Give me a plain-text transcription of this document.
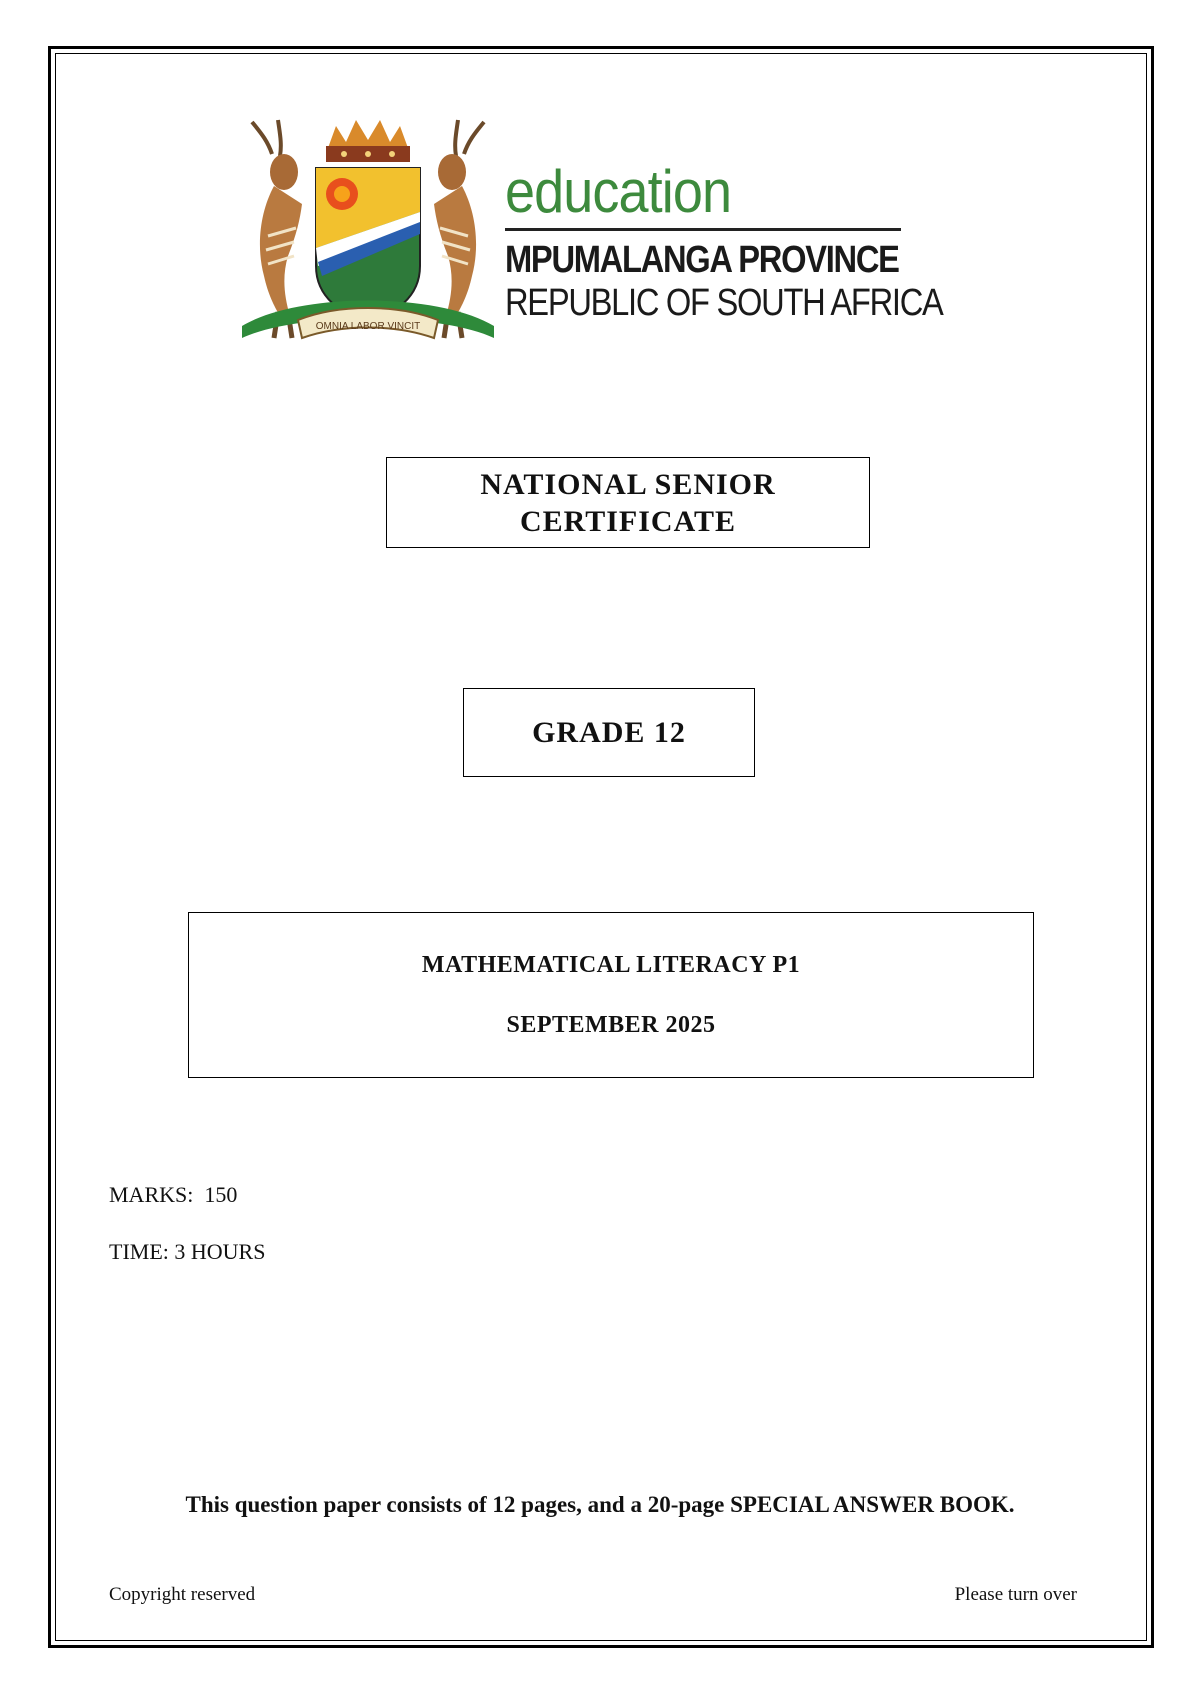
OMNIA LABOR VINCIT
education
MPUMALANGA PROVINCE
REPUBLIC OF SOUTH AFRICA
NATIONAL SENIOR
CERTIFICATE
GRADE 12
MATHEMATICAL LITERACY P1
SEPTEMBER 2025
MARKS:  150
TIME: 3 HOURS
This question paper consists of 12 pages, and a 20-page SPECIAL ANSWER BOOK.
Copyright reserved	Please turn over
